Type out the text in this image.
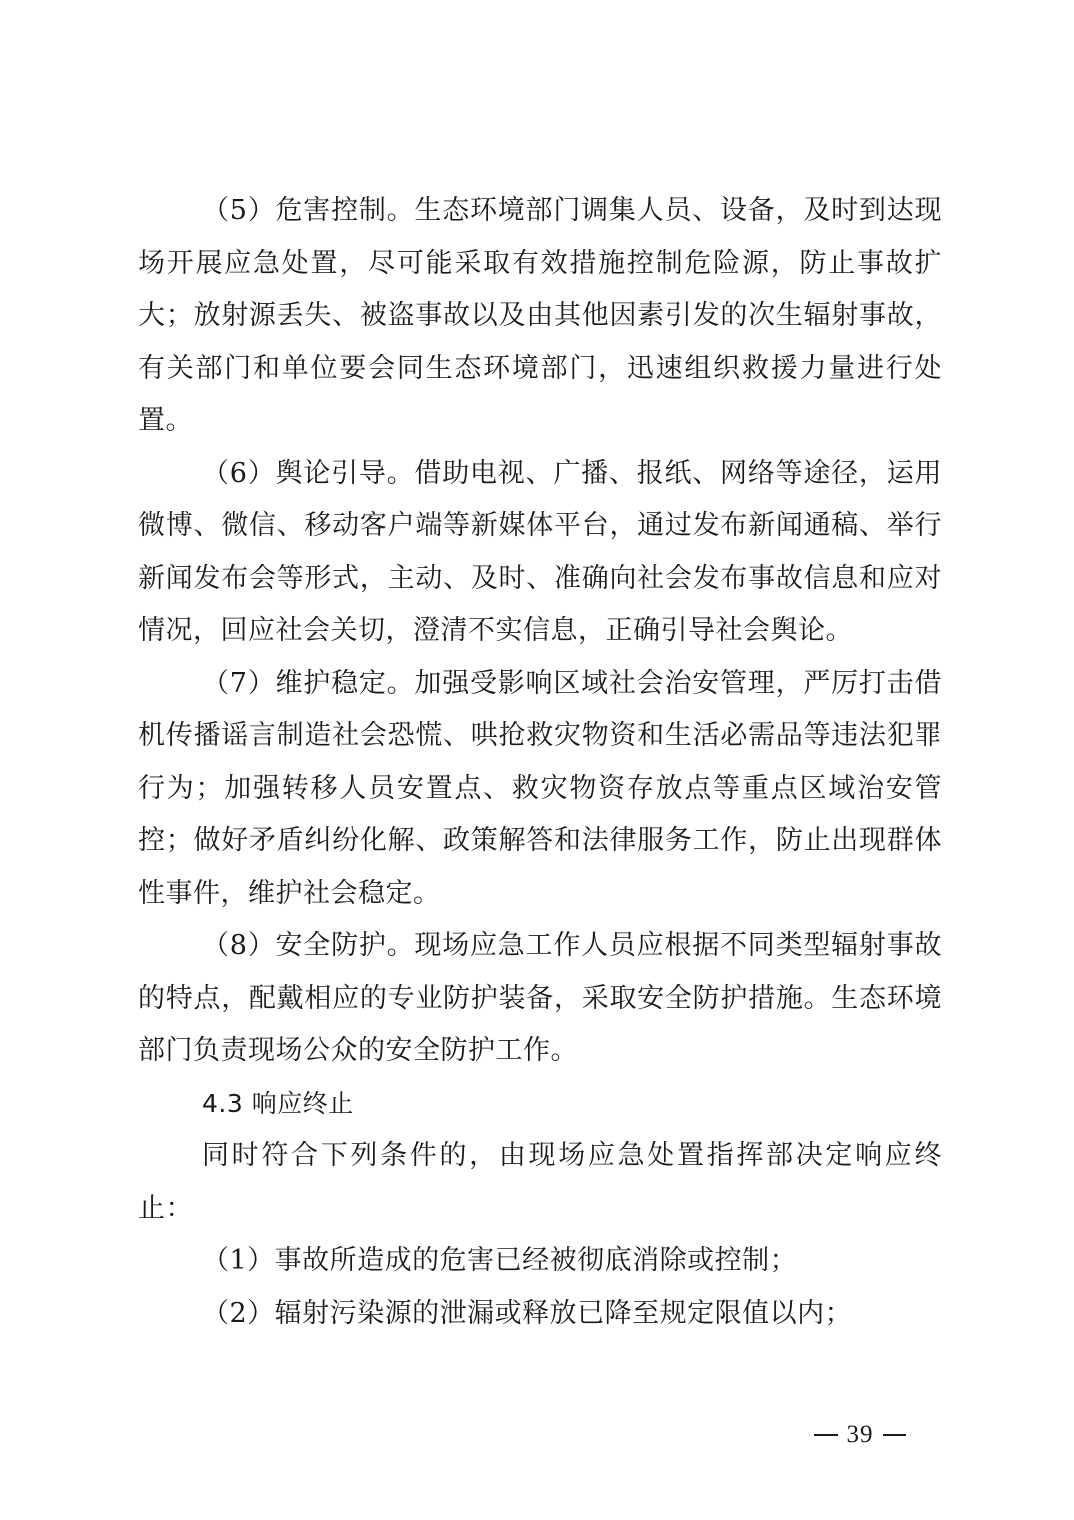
（5）危害控制。生态环境部门调集人员、设备，及时到达现场开展应急处置，尽可能采取有效措施控制危险源，防止事故扩大；放射源丢失、被盗事故以及由其他因素引发的次生辐射事故，有关部门和单位要会同生态环境部门，迅速组织救援力量进行处置。

（6）舆论引导。借助电视、广播、报纸、网络等途径，运用微博、微信、移动客户端等新媒体平台，通过发布新闻通稿、举行新闻发布会等形式，主动、及时、准确向社会发布事故信息和应对情况，回应社会关切，澄清不实信息，正确引导社会舆论。

（7）维护稳定。加强受影响区域社会治安管理，严厉打击借机传播谣言制造社会恐慌、哄抢救灾物资和生活必需品等违法犯罪行为；加强转移人员安置点、救灾物资存放点等重点区域治安管控；做好矛盾纠纷化解、政策解答和法律服务工作，防止出现群体性事件，维护社会稳定。

（8）安全防护。现场应急工作人员应根据不同类型辐射事故的特点，配戴相应的专业防护装备，采取安全防护措施。生态环境部门负责现场公众的安全防护工作。

4.3 响应终止

同时符合下列条件的，由现场应急处置指挥部决定响应终止：

（1）事故所造成的危害已经被彻底消除或控制；

（2）辐射污染源的泄漏或释放已降至规定限值以内；

39
